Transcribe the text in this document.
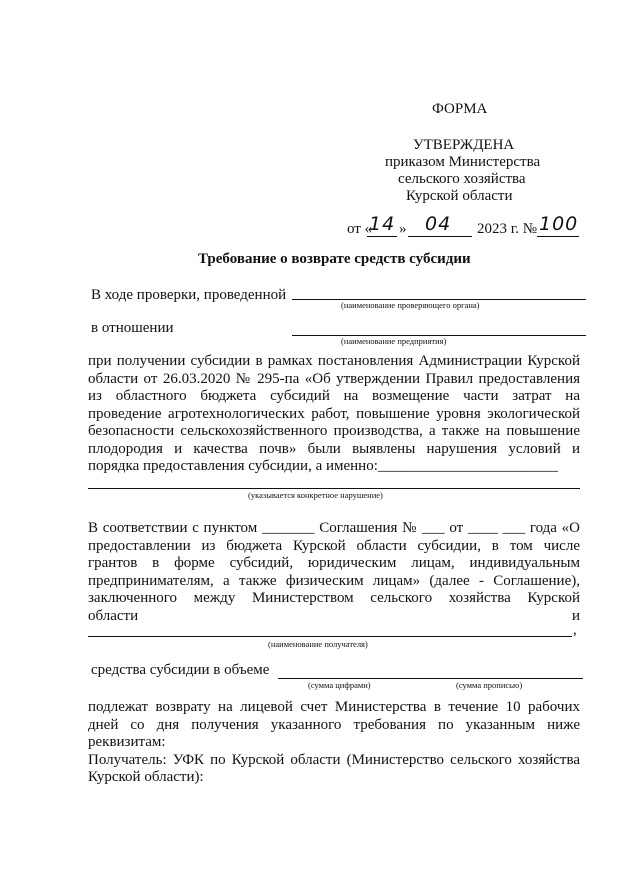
ФОРМА
УТВЕРЖДЕНА
приказом Министерства
сельского хозяйства
Курской области
от «
14 » 04 2023 г. № 100
Требование о возврате средств субсидии
В ходе проверки, проведенной
(наименование проверяющего органа)
в отношении
(наименование предприятия)
при получении субсидии в рамках постановления Администрации Курской
области от 26.03.2020 № 295-па «Об утверждении Правил предоставления
из областного бюджета субсидий на возмещение части затрат на
проведение агротехнологических работ, повышение уровня экологической
безопасности сельскохозяйственного производства, а также на повышение
плодородия и качества почв» были выявлены нарушения условий и
порядка предоставления субсидии, а именно:________________________
(указывается конкретное нарушение)
В соответствии с пунктом _______ Соглашения № ___ от ____ ___ года «О
предоставлении из бюджета Курской области субсидии, в том числе
грантов в форме субсидий, юридическим лицам, индивидуальным
предпринимателям, а также физическим лицам» (далее - Соглашение),
заключенного между Министерством сельского хозяйства Курской
области и
,
(наименование получателя)
средства субсидии в объеме
(сумма цифрами)	(сумма прописью)
подлежат возврату на лицевой счет Министерства в течение 10 рабочих
дней со дня получения указанного требования по указанным ниже
реквизитам:
Получатель: УФК по Курской области (Министерство сельского хозяйства
Курской области):
